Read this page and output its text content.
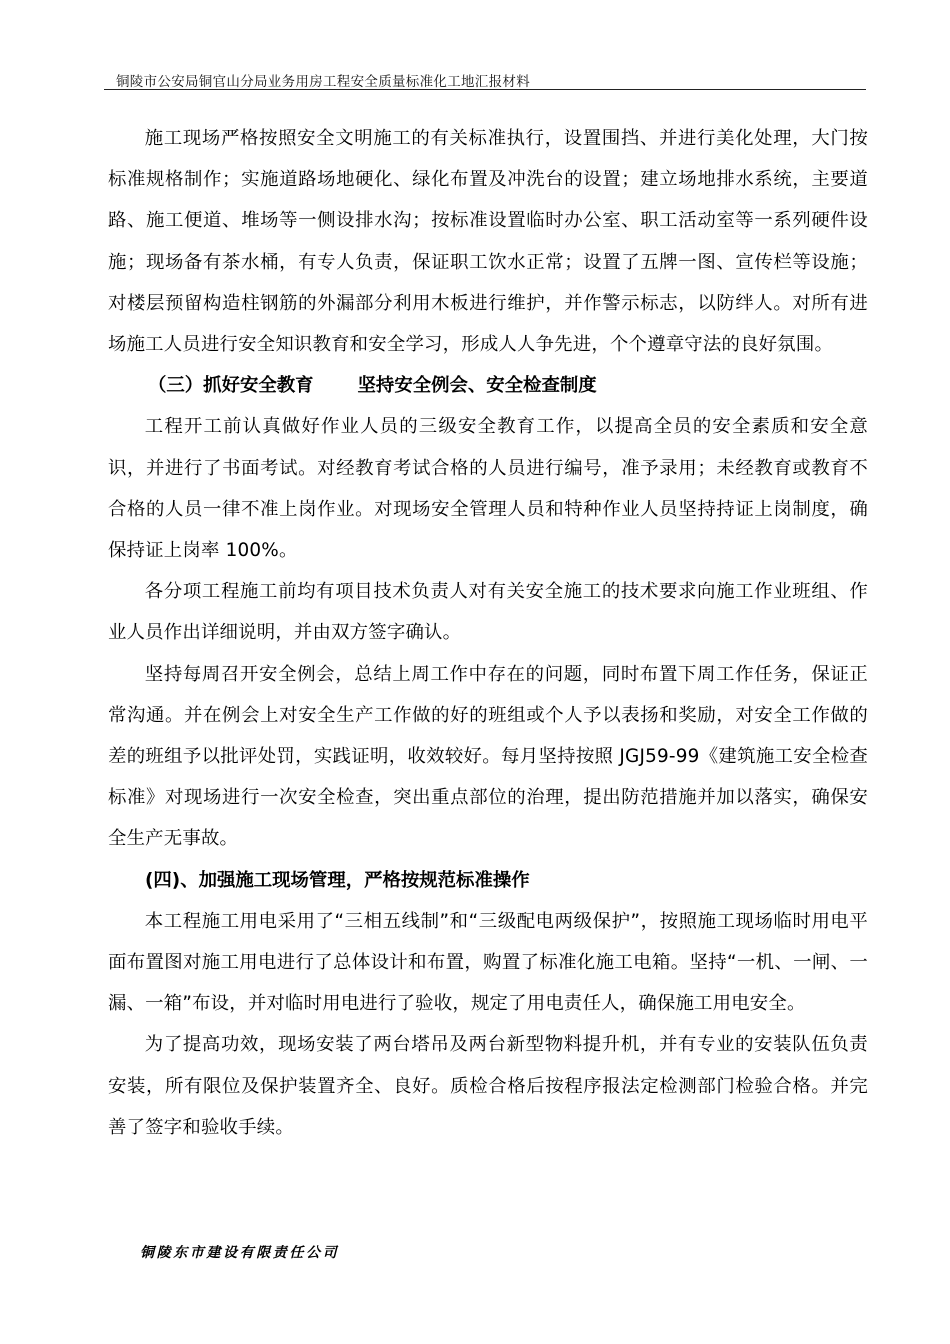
铜陵市公安局铜官山分局业务用房工程安全质量标准化工地汇报材料

施工现场严格按照安全文明施工的有关标准执行，设置围挡、并进行美化处理，大门按标准规格制作；实施道路场地硬化、绿化布置及冲洗台的设置；建立场地排水系统，主要道路、施工便道、堆场等一侧设排水沟；按标准设置临时办公室、职工活动室等一系列硬件设施；现场备有茶水桶，有专人负责，保证职工饮水正常；设置了五牌一图、宣传栏等设施；对楼层预留构造柱钢筋的外漏部分利用木板进行维护，并作警示标志，以防绊人。对所有进场施工人员进行安全知识教育和安全学习，形成人人争先进，个个遵章守法的良好氛围。

（三）抓好安全教育 坚持安全例会、安全检查制度

工程开工前认真做好作业人员的三级安全教育工作，以提高全员的安全素质和安全意识，并进行了书面考试。对经教育考试合格的人员进行编号，准予录用；未经教育或教育不合格的人员一律不准上岗作业。对现场安全管理人员和特种作业人员坚持持证上岗制度，确保持证上岗率 100%。

各分项工程施工前均有项目技术负责人对有关安全施工的技术要求向施工作业班组、作业人员作出详细说明，并由双方签字确认。

坚持每周召开安全例会，总结上周工作中存在的问题，同时布置下周工作任务，保证正常沟通。并在例会上对安全生产工作做的好的班组或个人予以表扬和奖励，对安全工作做的差的班组予以批评处罚，实践证明，收效较好。每月坚持按照 JGJ59-99《建筑施工安全检查标准》对现场进行一次安全检查，突出重点部位的治理，提出防范措施并加以落实，确保安全生产无事故。

(四)、加强施工现场管理，严格按规范标准操作

本工程施工用电采用了“三相五线制”和“三级配电两级保护”，按照施工现场临时用电平面布置图对施工用电进行了总体设计和布置，购置了标准化施工电箱。坚持“一机、一闸、一漏、一箱”布设，并对临时用电进行了验收，规定了用电责任人，确保施工用电安全。

为了提高功效，现场安装了两台塔吊及两台新型物料提升机，并有专业的安装队伍负责安装，所有限位及保护装置齐全、良好。质检合格后按程序报法定检测部门检验合格。并完善了签字和验收手续。

铜陵东市建设有限责任公司
